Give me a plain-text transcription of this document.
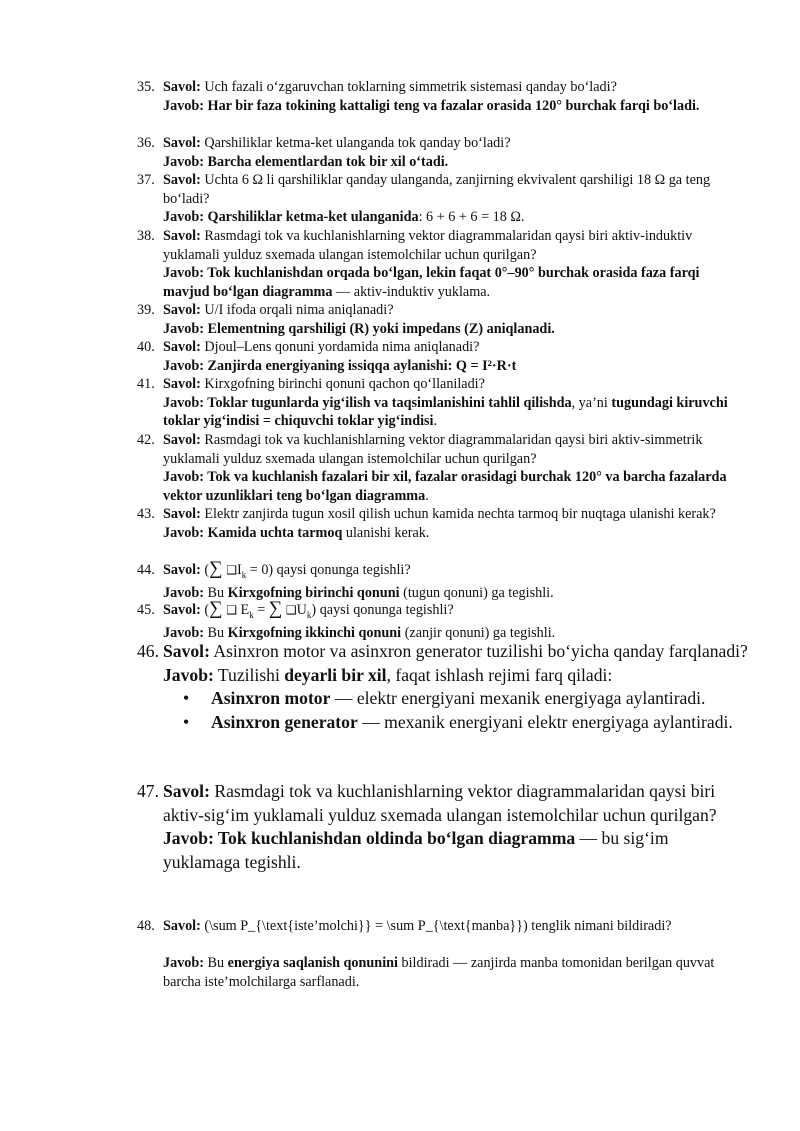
35. Savol: Uch fazali o‘zgaruvchan toklarning simmetrik sistemasi qanday bo‘ladi?
Javob: Har bir faza tokining kattaligi teng va fazalar orasida 120° burchak farqi bo‘ladi.
36. Savol: Qarshiliklar ketma-ket ulanganda tok qanday bo‘ladi?
Javob: Barcha elementlardan tok bir xil o‘tadi.
37. Savol: Uchta 6 Ω li qarshiliklar qanday ulanganda, zanjirning ekvivalent qarshiligi 18 Ω ga teng bo‘ladi?
Javob: Qarshiliklar ketma-ket ulanganida: 6 + 6 + 6 = 18 Ω.
38. Savol: Rasmdagi tok va kuchlanishlarning vektor diagrammalaridan qaysi biri aktiv-induktiv yuklamali yulduz sxemada ulangan istemolchilar uchun qurilgan?
Javob: Tok kuchlanishdan orqada bo‘lgan, lekin faqat 0°–90° burchak orasida faza farqi mavjud bo‘lgan diagramma — aktiv-induktiv yuklama.
39. Savol: U/I ifoda orqali nima aniqlanadi?
Javob: Elementning qarshiligi (R) yoki impedans (Z) aniqlanadi.
40. Savol: Djoul–Lens qonuni yordamida nima aniqlanadi?
Javob: Zanjirda energiyaning issiqqa aylanishi: Q = I²·R·t
41. Savol: Kirxgofning birinchi qonuni qachon qo‘llaniladi?
Javob: Toklar tugunlarda yig‘ilish va taqsimlanishini tahlil qilishda, ya’ni tugundagi kiruvchi toklar yig‘indisi = chiquvchi toklar yig‘indisi.
42. Savol: Rasmdagi tok va kuchlanishlarning vektor diagrammalaridan qaysi biri aktiv-simmetrik yuklamali yulduz sxemada ulangan istemolchilar uchun qurilgan?
Javob: Tok va kuchlanish fazalari bir xil, fazalar orasidagi burchak 120° va barcha fazalarda vektor uzunliklari teng bo‘lgan diagramma.
43. Savol: Elektr zanjirda tugun xosil qilish uchun kamida nechta tarmoq bir nuqtaga ulanishi kerak?
Javob: Kamida uchta tarmoq ulanishi kerak.
44. Savol: (∑ $❑I_k = 0$) qaysi qonunga tegishli?
Javob: Bu Kirxgofning birinchi qonuni (tugun qonuni) ga tegishli.
45. Savol: (∑ ❑ $E_k$ = ∑ $❑U_k$) qaysi qonunga tegishli?
Javob: Bu Kirxgofning ikkinchi qonuni (zanjir qonuni) ga tegishli.
46. Savol: Asinxron motor va asinxron generator tuzilishi bo‘yicha qanday farqlanadi?
Javob: Tuzilishi deyarli bir xil, faqat ishlash rejimi farq qiladi:
• Asinxron motor — elektr energiyani mexanik energiyaga aylantiradi.
• Asinxron generator — mexanik energiyani elektr energiyaga aylantiradi.
47. Savol: Rasmdagi tok va kuchlanishlarning vektor diagrammalaridan qaysi biri aktiv-sig‘im yuklamali yulduz sxemada ulangan istemolchilar uchun qurilgan?
Javob: Tok kuchlanishdan oldinda bo‘lgan diagramma — bu sig‘im yuklamaga tegishli.
48. Savol: (\sum P_{\text{iste’molchi}} = \sum P_{\text{manba}}) tenglik nimani bildiradi?
Javob: Bu energiya saqlanish qonunini bildiradi — zanjirda manba tomonidan berilgan quvvat barcha iste’molchilarga sarflanadi.
